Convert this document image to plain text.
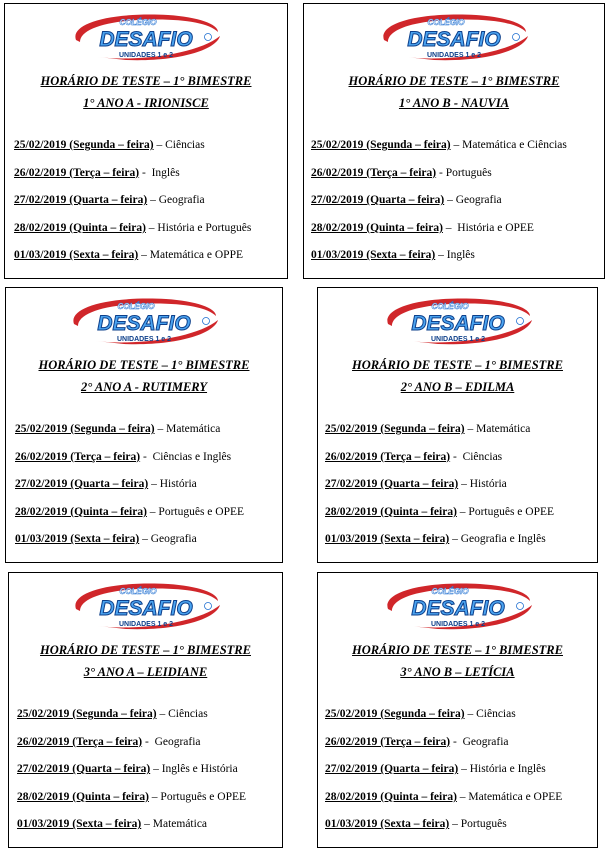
COLÉGIO
DESAFIO
UNIDADES 1 e 2
HORÁRIO DE TESTE – 1° BIMESTRE
1° ANO A - IRIONISCE
25/02/2019 (Segunda – feira) – Ciências
26/02/2019 (Terça – feira) -  Inglês
27/02/2019 (Quarta – feira) – Geografia
28/02/2019 (Quinta – feira) – História e Português
01/03/2019 (Sexta – feira) – Matemática e OPPE
COLÉGIO
DESAFIO
UNIDADES 1 e 2
HORÁRIO DE TESTE – 1° BIMESTRE
1° ANO B - NAUVIA
25/02/2019 (Segunda – feira) – Matemática e Ciências
26/02/2019 (Terça – feira) - Português
27/02/2019 (Quarta – feira) – Geografia
28/02/2019 (Quinta – feira) –  História e OPEE
01/03/2019 (Sexta – feira) – Inglês
COLÉGIO
DESAFIO
UNIDADES 1 e 2
HORÁRIO DE TESTE – 1° BIMESTRE
2° ANO A - RUTIMERY
25/02/2019 (Segunda – feira) – Matemática
26/02/2019 (Terça – feira) -  Ciências e Inglês
27/02/2019 (Quarta – feira) – História
28/02/2019 (Quinta – feira) – Português e OPEE
01/03/2019 (Sexta – feira) – Geografia
COLÉGIO
DESAFIO
UNIDADES 1 e 2
HORÁRIO DE TESTE – 1° BIMESTRE
2° ANO B – EDILMA
25/02/2019 (Segunda – feira) – Matemática
26/02/2019 (Terça – feira) -  Ciências
27/02/2019 (Quarta – feira) – História
28/02/2019 (Quinta – feira) – Português e OPEE
01/03/2019 (Sexta – feira) – Geografia e Inglês
COLÉGIO
DESAFIO
UNIDADES 1 e 2
HORÁRIO DE TESTE – 1° BIMESTRE
3° ANO A – LEIDIANE
25/02/2019 (Segunda – feira) – Ciências
26/02/2019 (Terça – feira) -  Geografia
27/02/2019 (Quarta – feira) – Inglês e História
28/02/2019 (Quinta – feira) – Português e OPEE
01/03/2019 (Sexta – feira) – Matemática
COLÉGIO
DESAFIO
UNIDADES 1 e 2
HORÁRIO DE TESTE – 1° BIMESTRE
3° ANO B – LETÍCIA
25/02/2019 (Segunda – feira) – Ciências
26/02/2019 (Terça – feira) -  Geografia
27/02/2019 (Quarta – feira) – História e Inglês
28/02/2019 (Quinta – feira) – Matemática e OPEE
01/03/2019 (Sexta – feira) – Português
